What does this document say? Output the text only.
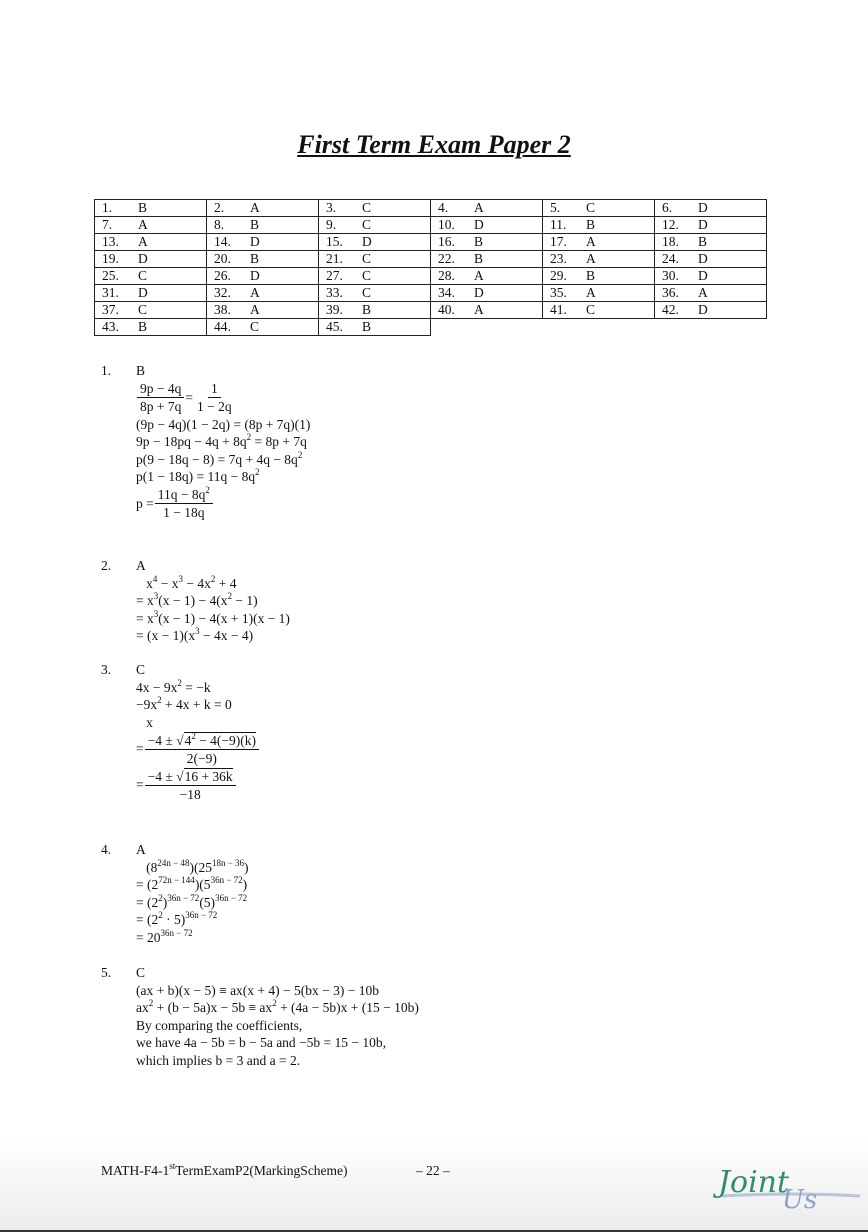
First Term Exam Paper 2
1. B	2. A	3. C	4. A	5. C	6. D
7. A	8. B	9. C	10. D	11. B	12. D
13. A	14. D	15. D	16. B	17. A	18. B
19. D	20. B	21. C	22. B	23. A	24. D
25. C	26. D	27. C	28. A	29. B	30. D
31. D	32. A	33. C	34. D	35. A	36. A
37. C	38. A	39. B	40. A	41. C	42. D
43. B	44. C	45. B			
1. B
$\frac{9p - 4q}{8p + 7q} = \frac{1}{1 - 2q}$
(9p − 4q)(1 − 2q) = (8p + 7q)(1)
$9p - 18pq - 4q + 8q^2 = 8p + 7q$
$p(9 - 18q - 8) = 7q + 4q - 8q^2$
$p(1 - 18q) = 11q - 8q^2$
$p = \frac{11q - 8q^2}{1 - 18q}$
2. A
$x^4 - x^3 - 4x^2 + 4$
= $x^3(x - 1) - 4(x^2 - 1)$
= $x^3(x - 1) - 4(x + 1)(x - 1)$
= $(x - 1)(x^3 - 4x - 4)$
3. C
$4x - 9x^2 = -k$
$-9x^2 + 4x + k = 0$
x
= $\frac{-4 \pm √4^2 - 4(-9)(k)}{2(-9)}$
= $\frac{-4 \pm √16 + 36k}{-18}$
4. A
$(8^{24n - 48})(25^{18n - 36})$
= $(2^{72n - 144})(5^{36n - 72})$
= $(2^2)^{36n - 72}(5)^{36n - 72}$
= $(2^2 \cdot 5)^{36n - 72}$
= $20^{36n - 72}$
5. C
(ax + b)(x − 5) ≡ ax(x + 4) − 5(bx − 3) − 10b
$ax^2 + (b - 5a)x - 5b \equiv ax^2 + (4a - 5b)x + (15 - 10b)$
By comparing the coefficients,
we have 4a − 5b = b − 5a and −5b = 15 − 10b,
which implies b = 3 and a = 2.
MATH-F4-1stTermExamP2(MarkingScheme)	– 22 –	Joint
Us
